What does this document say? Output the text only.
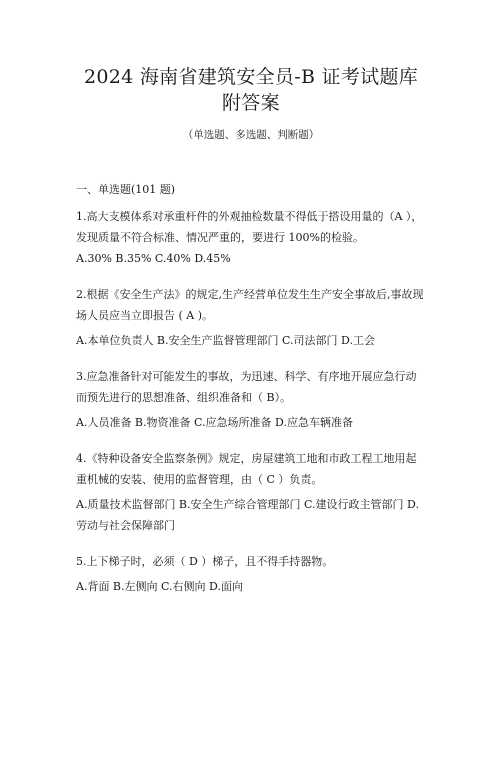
2024 海南省建筑安全员-B 证考试题库附答案
（单选题、多选题、判断题）
一、单选题(101 题)
1.高大支模体系对承重杆件的外观抽检数量不得低于搭设用量的（A ），发现质量不符合标准、情况严重的，要进行 100%的检验。
A.30% B.35% C.40% D.45%
2.根据《安全生产法》的规定,生产经营单位发生生产安全事故后,事故现场人员应当立即报告 ( A )。
A.本单位负责人 B.安全生产监督管理部门 C.司法部门 D.工会
3.应急准备针对可能发生的事故，为迅速、科学、有序地开展应急行动而预先进行的思想准备、组织准备和（ B）。
A.人员准备 B.物资准备 C.应急场所准备 D.应急车辆准备
4.《特种设备安全监察条例》规定，房屋建筑工地和市政工程工地用起重机械的安装、使用的监督管理，由（ C ）负责。
A.质量技术监督部门 B.安全生产综合管理部门 C.建设行政主管部门 D.劳动与社会保障部门
5.上下梯子时，必须（ D ）梯子，且不得手持器物。
A.背面 B.左侧向 C.右侧向 D.面向
